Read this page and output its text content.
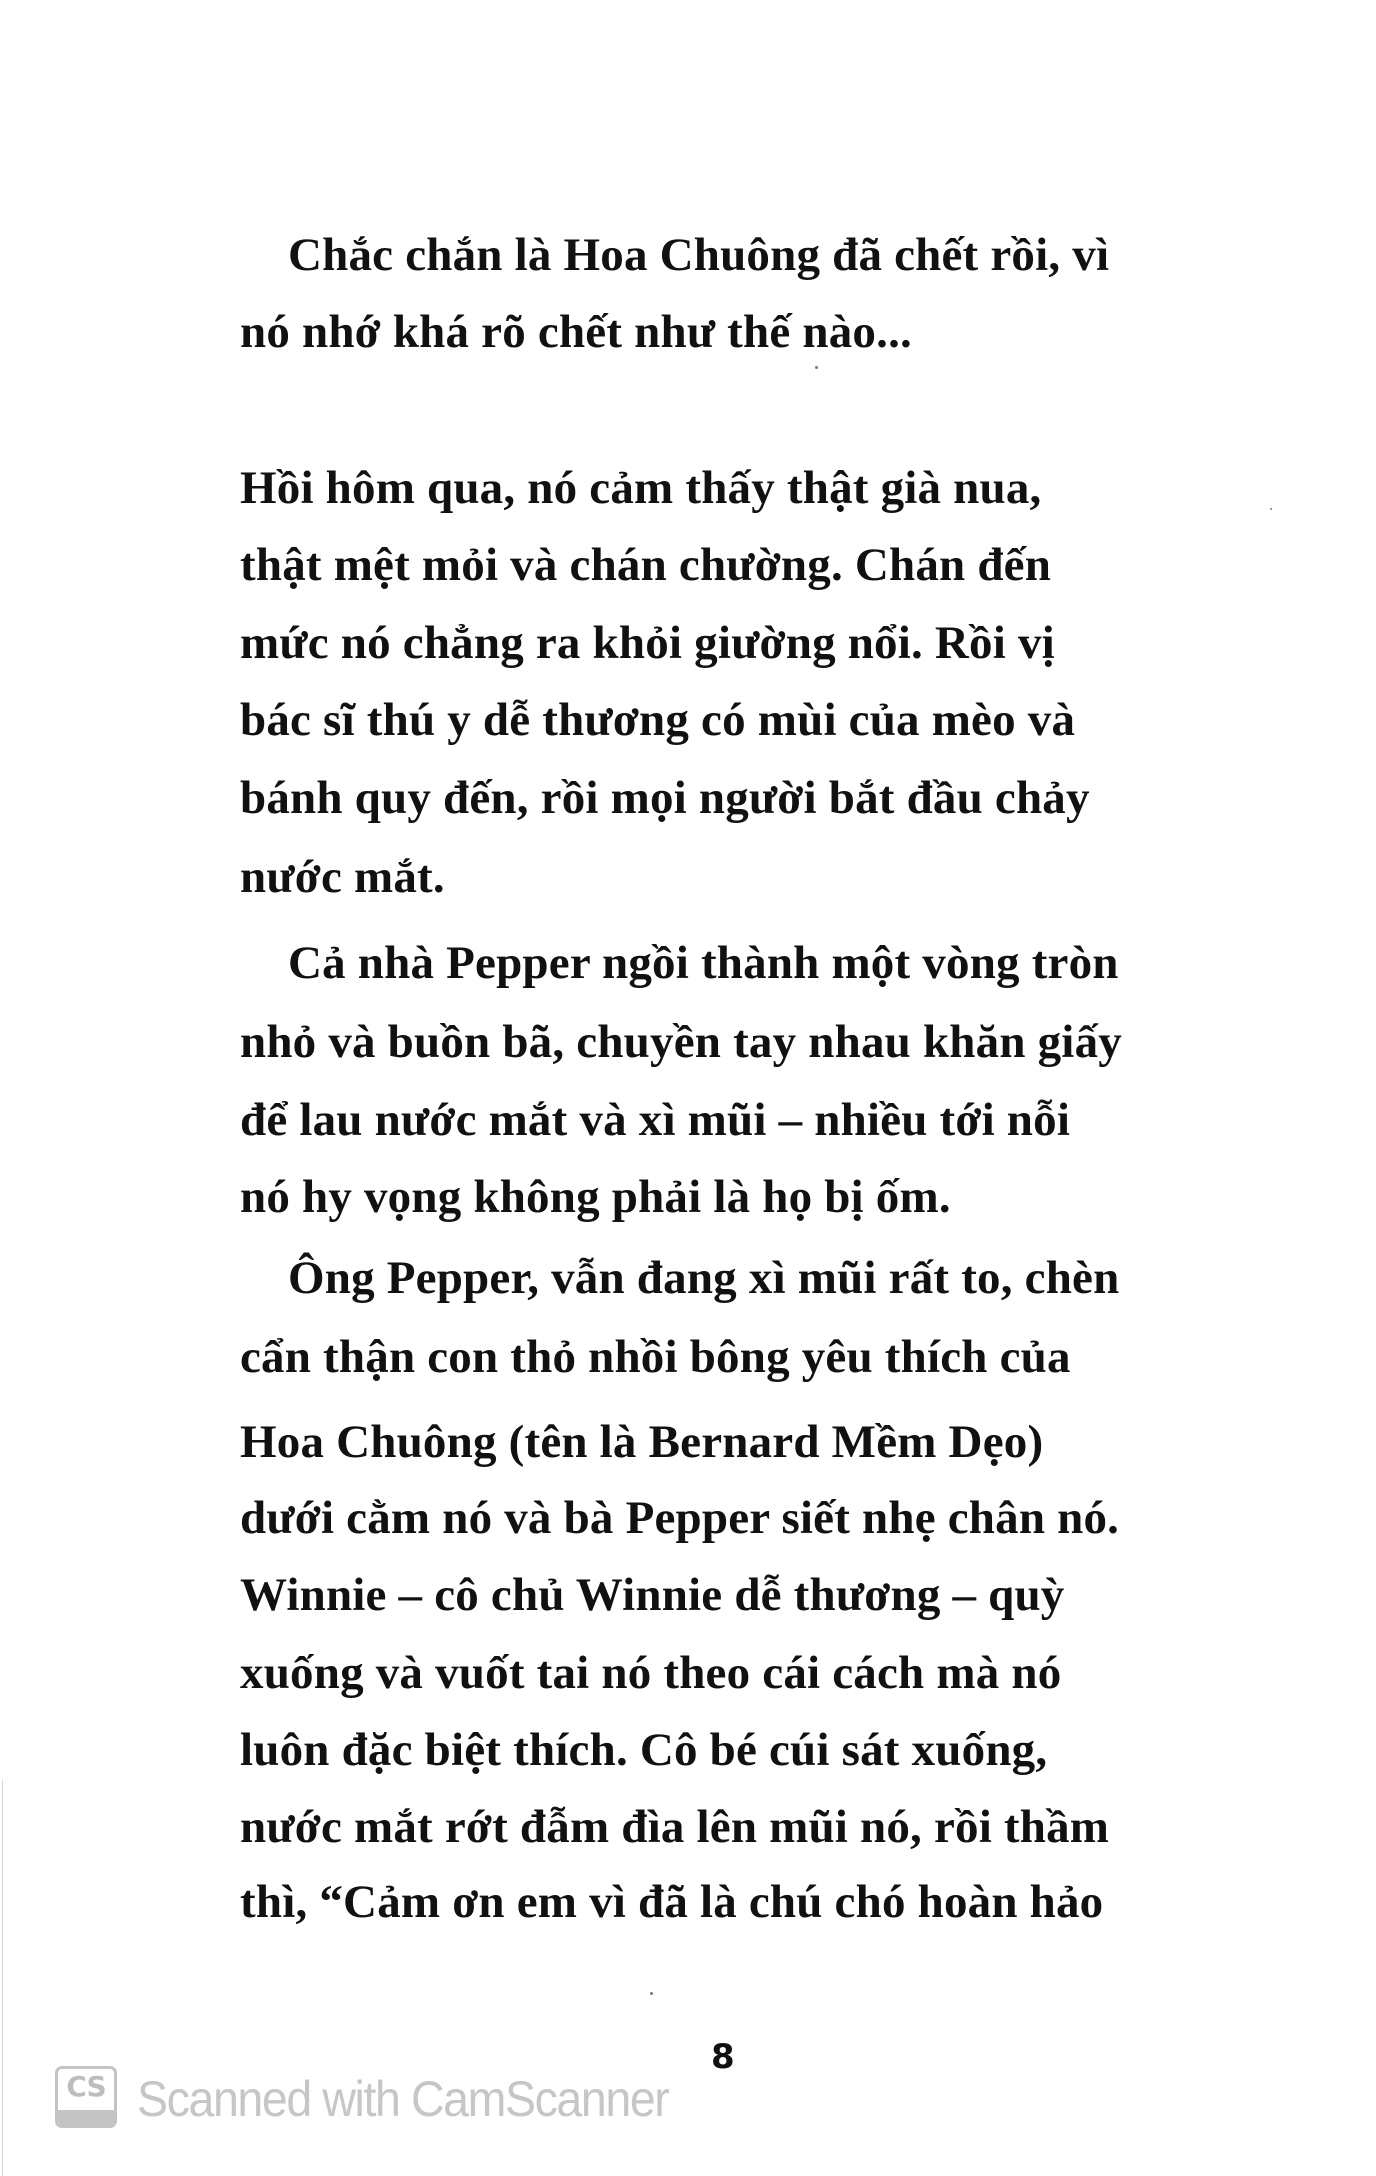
Chắc chắn là Hoa Chuông đã chết rồi, vì
nó nhớ khá rõ chết như thế nào...
Hồi hôm qua, nó cảm thấy thật già nua,
thật mệt mỏi và chán chường. Chán đến
mức nó chẳng ra khỏi giường nổi. Rồi vị
bác sĩ thú y dễ thương có mùi của mèo và
bánh quy đến, rồi mọi người bắt đầu chảy
nước mắt.
Cả nhà Pepper ngồi thành một vòng tròn
nhỏ và buồn bã, chuyền tay nhau khăn giấy
để lau nước mắt và xì mũi – nhiều tới nỗi
nó hy vọng không phải là họ bị ốm.
Ông Pepper, vẫn đang xì mũi rất to, chèn
cẩn thận con thỏ nhồi bông yêu thích của
Hoa Chuông (tên là Bernard Mềm Dẹo)
dưới cằm nó và bà Pepper siết nhẹ chân nó.
Winnie – cô chủ Winnie dễ thương – quỳ
xuống và vuốt tai nó theo cái cách mà nó
luôn đặc biệt thích. Cô bé cúi sát xuống,
nước mắt rớt đẫm đìa lên mũi nó, rồi thầm
thì, “Cảm ơn em vì đã là chú chó hoàn hảo
8
CS Scanned with CamScanner
